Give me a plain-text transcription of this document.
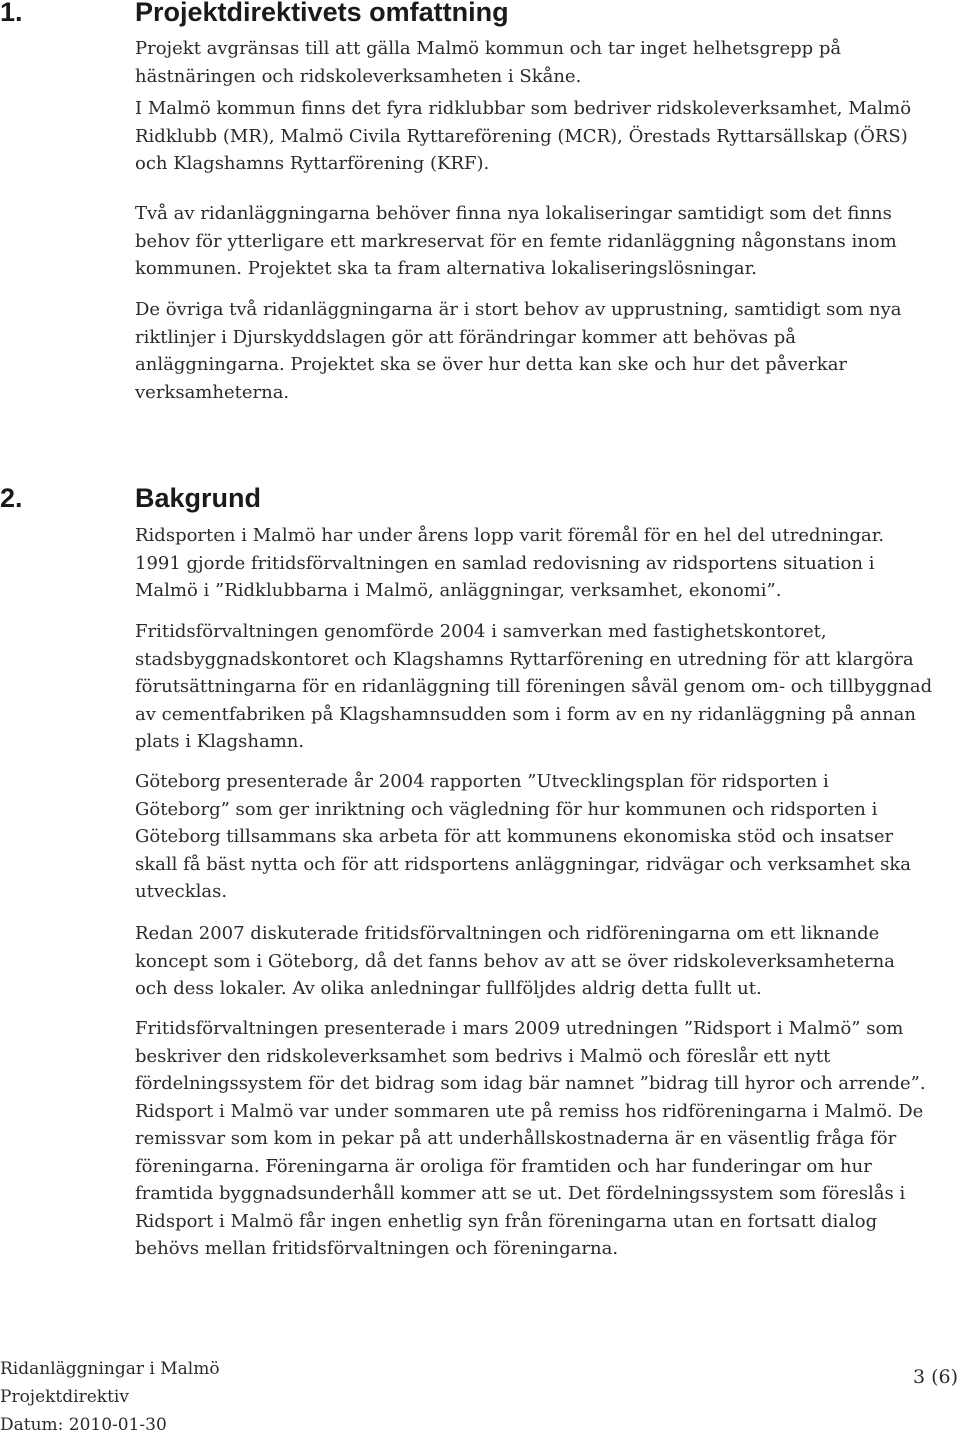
1.	Projektdirektivets omfattning
2.	Bakgrund
Projekt avgränsas till att gälla Malmö kommun och tar inget helhetsgrepp på
hästnäringen och ridskoleverksamheten i Skåne.
I Malmö kommun finns det fyra ridklubbar som bedriver ridskoleverksamhet, Malmö
Ridklubb (MR), Malmö Civila Ryttareförening (MCR), Örestads Ryttarsällskap (ÖRS)
och Klagshamns Ryttarförening (KRF).
Två av ridanläggningarna behöver finna nya lokaliseringar samtidigt som det finns
behov för ytterligare ett markreservat för en femte ridanläggning någonstans inom
kommunen. Projektet ska ta fram alternativa lokaliseringslösningar.
De övriga två ridanläggningarna är i stort behov av upprustning, samtidigt som nya
riktlinjer i Djurskyddslagen gör att förändringar kommer att behövas på
anläggningarna. Projektet ska se över hur detta kan ske och hur det påverkar
verksamheterna.
Ridsporten i Malmö har under årens lopp varit föremål för en hel del utredningar.
1991 gjorde fritidsförvaltningen en samlad redovisning av ridsportens situation i
Malmö i ”Ridklubbarna i Malmö, anläggningar, verksamhet, ekonomi”.
Fritidsförvaltningen genomförde 2004 i samverkan med fastighetskontoret,
stadsbyggnadskontoret och Klagshamns Ryttarförening en utredning för att klargöra
förutsättningarna för en ridanläggning till föreningen såväl genom om- och tillbyggnad
av cementfabriken på Klagshamnsudden som i form av en ny ridanläggning på annan
plats i Klagshamn.
Göteborg presenterade år 2004 rapporten ”Utvecklingsplan för ridsporten i
Göteborg” som ger inriktning och vägledning för hur kommunen och ridsporten i
Göteborg tillsammans ska arbeta för att kommunens ekonomiska stöd och insatser
skall få bäst nytta och för att ridsportens anläggningar, ridvägar och verksamhet ska
utvecklas.
Redan 2007 diskuterade fritidsförvaltningen och ridföreningarna om ett liknande
koncept som i Göteborg, då det fanns behov av att se över ridskoleverksamheterna
och dess lokaler. Av olika anledningar fullföljdes aldrig detta fullt ut.
Fritidsförvaltningen presenterade i mars 2009 utredningen ”Ridsport i Malmö” som
beskriver den ridskoleverksamhet som bedrivs i Malmö och föreslår ett nytt
fördelningssystem för det bidrag som idag bär namnet ”bidrag till hyror och arrende”.
Ridsport i Malmö var under sommaren ute på remiss hos ridföreningarna i Malmö. De
remissvar som kom in pekar på att underhållskostnaderna är en väsentlig fråga för
föreningarna. Föreningarna är oroliga för framtiden och har funderingar om hur
framtida byggnadsunderhåll kommer att se ut. Det fördelningssystem som föreslås i
Ridsport i Malmö får ingen enhetlig syn från föreningarna utan en fortsatt dialog
behövs mellan fritidsförvaltningen och föreningarna.
Ridanläggningar i Malmö
Projektdirektiv
Datum: 2010-01-30
3 (6)
